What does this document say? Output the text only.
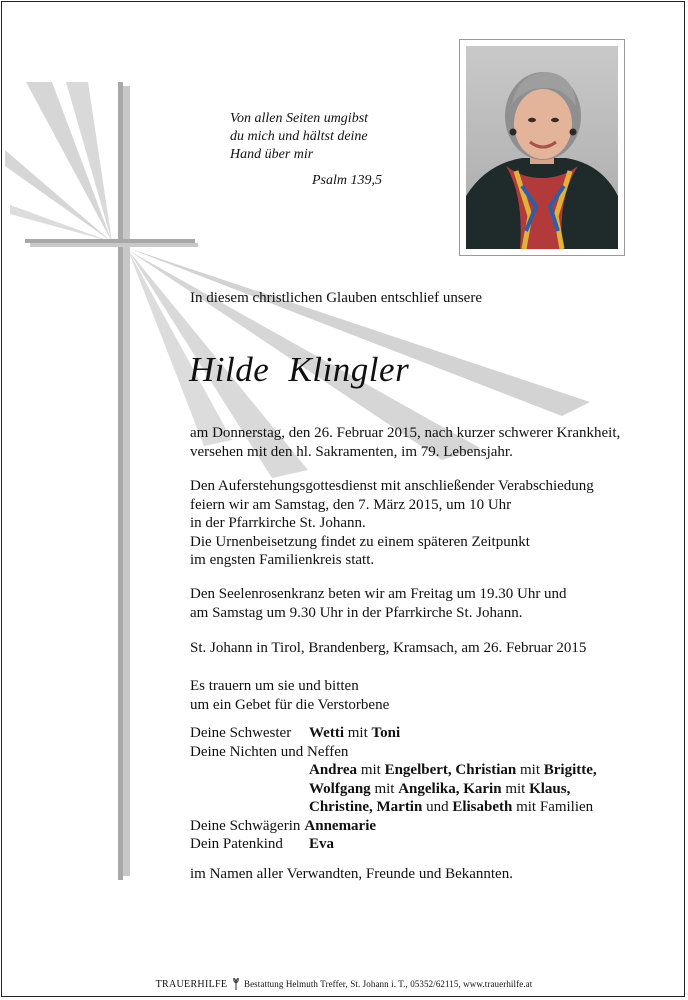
Von allen Seiten umgibst
du mich und hältst deine
Hand über mir
Psalm 139,5
In diesem christlichen Glauben entschlief unsere
Hilde Klingler
am Donnerstag, den 26. Februar 2015, nach kurzer schwerer Krankheit,
versehen mit den hl. Sakramenten, im 79. Lebensjahr.
Den Auferstehungsgottesdienst mit anschließender Verabschiedung
feiern wir am Samstag, den 7. März 2015, um 10 Uhr
in der Pfarrkirche St. Johann.
Die Urnenbeisetzung findet zu einem späteren Zeitpunkt
im engsten Familienkreis statt.
Den Seelenrosenkranz beten wir am Freitag um 19.30 Uhr und
am Samstag um 9.30 Uhr in der Pfarrkirche St. Johann.
St. Johann in Tirol, Brandenberg, Kramsach, am 26. Februar 2015
Es trauern um sie und bitten
um ein Gebet für die Verstorbene
Deine Schwester Wetti mit Toni
Deine Nichten und Neffen
Andrea mit Engelbert, Christian mit Brigitte,
Wolfgang mit Angelika, Karin mit Klaus,
Christine, Martin und Elisabeth mit Familien
Deine Schwägerin Annemarie
Dein Patenkind Eva
im Namen aller Verwandten, Freunde und Bekannten.
TRAUERHILFE Bestattung Helmuth Treffer, St. Johann i. T., 05352/62115, www.trauerhilfe.at
